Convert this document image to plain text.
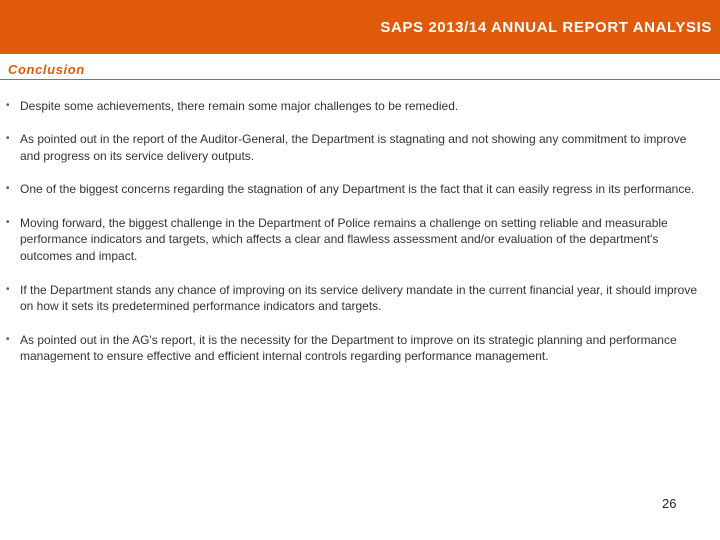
SAPS 2013/14 ANNUAL REPORT ANALYSIS
Conclusion
• Despite some achievements, there remain some major challenges to be remedied.
• As pointed out in the report of the Auditor-General, the Department is stagnating and not showing any commitment to improve and progress on its service delivery outputs.
• One of the biggest concerns regarding the stagnation of any Department is the fact that it can easily regress in its performance.
• Moving forward, the biggest challenge in the Department of Police remains a challenge on setting reliable and measurable performance indicators and targets, which affects a clear and flawless assessment and/or evaluation of the department's outcomes and impact.
• If the Department stands any chance of improving on its service delivery mandate in the current financial year, it should improve on how it sets its predetermined performance indicators and targets.
• As pointed out in the AG's report, it is the necessity for the Department to improve on its strategic planning and performance management to ensure effective and efficient internal controls regarding performance management.
26
